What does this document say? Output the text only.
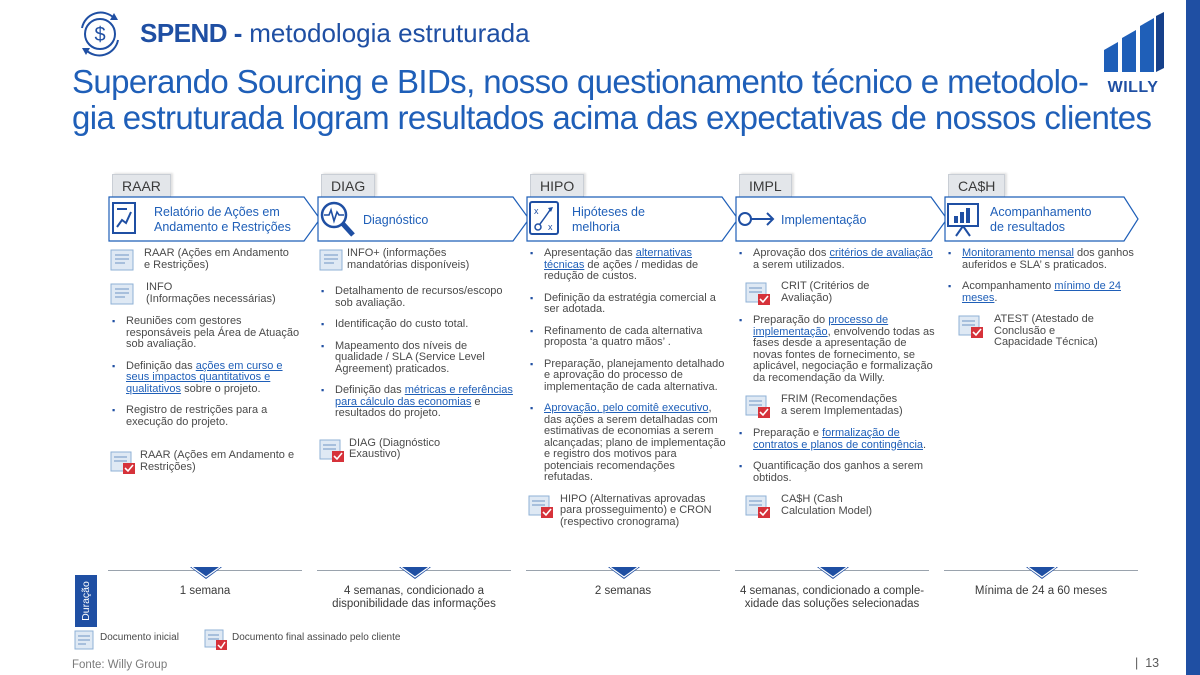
$ SPEND - metodologia estruturada
Superando Sourcing e BIDs, nosso questionamento técnico e metodolo-
gia estruturada logram resultados acima das expectativas de nossos clientes
WILLY
RAAR
Relatório de Ações em
Andamento e Restrições
RAAR (Ações em Andamento
e Restrições)
INFO
(Informações necessárias)
▪ Reuniões com gestores responsáveis pela Área de Atuação sob avaliação.
▪ Definição das ações em curso e seus impactos quantitativos e qualitativos sobre o projeto.
▪ Registro de restrições para a execução do projeto.
RAAR (Ações em Andamento e
Restrições)
DIAG
Diagnóstico
INFO+ (informações
mandatórias disponíveis)
▪ Detalhamento de recursos/escopo sob avaliação.
▪ Identificação do custo total.
▪ Mapeamento dos níveis de qualidade / SLA (Service Level Agreement) praticados.
▪ Definição das métricas e referências para cálculo das economias e resultados do projeto.
DIAG (Diagnóstico
Exaustivo)
HIPO
x
x
Hipóteses de
melhoria
▪ Apresentação das alternativas técnicas de ações / medidas de redução de custos.
▪ Definição da estratégia comercial a ser adotada.
▪ Refinamento de cada alternativa proposta ‘a quatro mãos’ .
▪ Preparação, planejamento detalhado e aprovação do processo de implementação de cada alternativa.
▪ Aprovação, pelo comitê executivo, das ações a serem detalhadas com estimativas de economias a serem alcançadas; plano de implementação e registro dos motivos para potenciais recomendações refutadas.
HIPO (Alternativas aprovadas
para prosseguimento) e CRON
(respectivo cronograma)
IMPL
Implementação
▪ Aprovação dos critérios de avaliação a serem utilizados.
CRIT (Critérios de
Avaliação)
▪ Preparação do processo de implementação, envolvendo todas as fases desde a apresentação de novas fontes de fornecimento, se aplicável, negociação e formalização da recomendação da Willy.
FRIM (Recomendações
a serem Implementadas)
▪ Preparação e formalização de contratos e planos de contingência.
▪ Quantificação dos ganhos a serem obtidos.
CA$H (Cash
Calculation Model)
CA$H
Acompanhamento
de resultados
▪ Monitoramento mensal dos ganhos auferidos e SLA’ s praticados.
▪ Acompanhamento mínimo de 24 meses.
ATEST (Atestado de
Conclusão e
Capacidade Técnica)
Duração	1 semana	4 semanas, condicionado a
disponibilidade das informações
2 semanas	4 semanas, condicionado a comple-
xidade das soluções selecionadas
Mínima de 24 a 60 meses
Documento inicial	Documento final assinado pelo cliente
Fonte: Willy Group	| 13
